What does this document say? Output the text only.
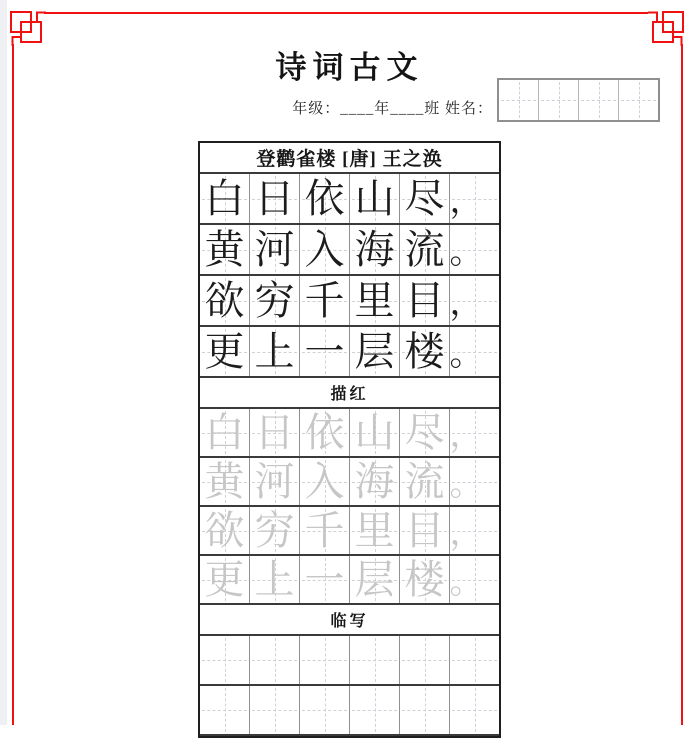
诗词古文
年级：____年____班 姓名：
登鹳雀楼 [唐] 王之涣
白 日 依 山 尽 ，
黄 河 入 海 流 。
欲 穷 千 里 目 ，
更 上 一 层 楼 。
描红
白 日 依 山 尽 ，
黄 河 入 海 流 。
欲 穷 千 里 目 ，
更 上 一 层 楼 。
临写
